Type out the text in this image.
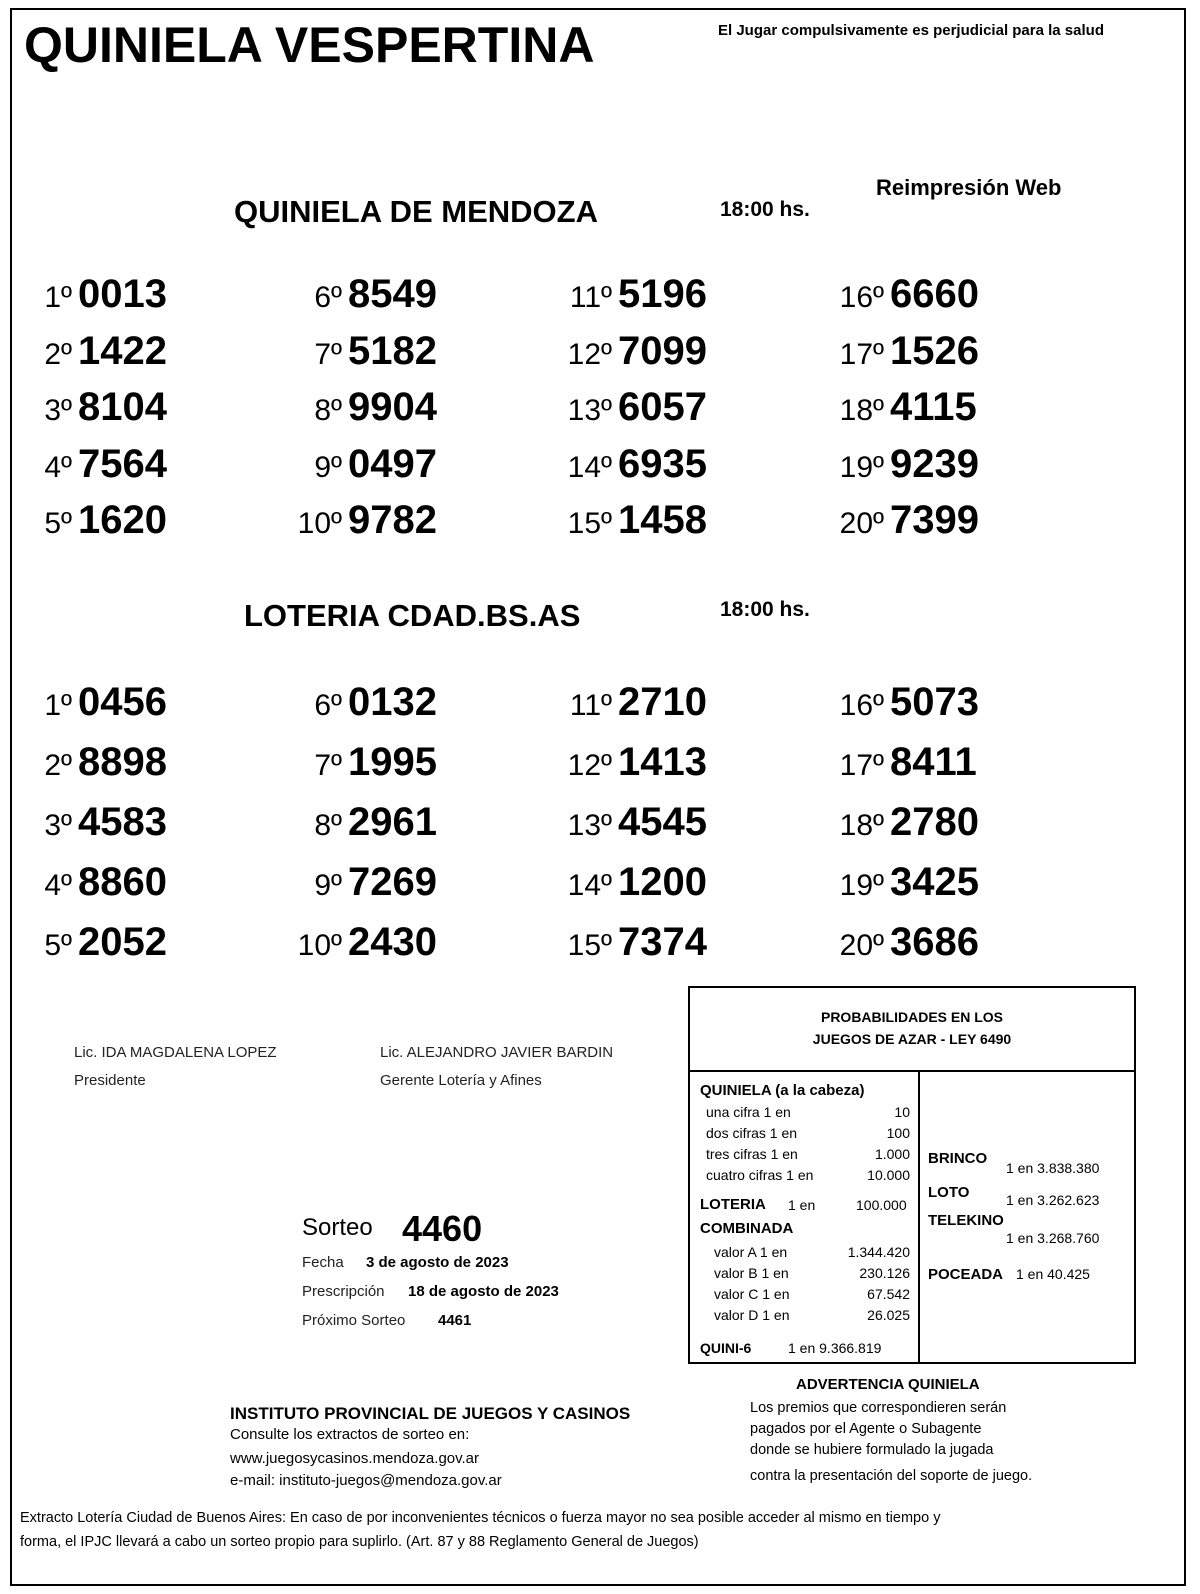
QUINIELA VESPERTINA	El Jugar compulsivamente es perjudicial para la salud
Reimpresión Web
QUINIELA DE MENDOZA	18:00 hs.
1º 0013
2º 1422
3º 8104
4º 7564
5º 1620
6º 8549
7º 5182
8º 9904
9º 0497
10º 9782
11º 5196
12º 7099
13º 6057
14º 6935
15º 1458
16º 6660
17º 1526
18º 4115
19º 9239
20º 7399
LOTERIA CDAD.BS.AS	18:00 hs.
1º 0456
2º 8898
3º 4583
4º 8860
5º 2052
6º 0132
7º 1995
8º 2961
9º 7269
10º 2430
11º 2710
12º 1413
13º 4545
14º 1200
15º 7374
16º 5073
17º 8411
18º 2780
19º 3425
20º 3686
Lic. IDA MAGDALENA LOPEZ
Presidente
Lic. ALEJANDRO JAVIER BARDIN
Gerente Lotería y Afines
Sorteo 4460
Fecha 3 de agosto de 2023
Prescripción 18 de agosto de 2023
Próximo Sorteo 4461
PROBABILIDADES EN LOS
JUEGOS DE AZAR - LEY 6490
QUINIELA (a la cabeza)
una cifra 1 en	10
dos cifras 1 en	100
tres cifras 1 en	1.000
cuatro cifras 1 en	10.000
LOTERIA 1 en	100.000
COMBINADA
valor A 1 en	1.344.420
valor B 1 en	230.126
valor C 1 en	67.542
valor D 1 en	26.025
QUINI-6	1 en 9.366.819
BRINCO
1 en 3.838.380
LOTO	1 en 3.262.623
TELEKINO
1 en 3.268.760
POCEADA 1 en 40.425
ADVERTENCIA QUINIELA
Los premios que correspondieren serán
pagados por el Agente o Subagente
donde se hubiere formulado la jugada
contra la presentación del soporte de juego.
INSTITUTO PROVINCIAL DE JUEGOS Y CASINOS
Consulte los extractos de sorteo en:
www.juegosycasinos.mendoza.gov.ar
e-mail: instituto-juegos@mendoza.gov.ar
Extracto Lotería Ciudad de Buenos Aires: En caso de por inconvenientes técnicos o fuerza mayor no sea posible acceder al mismo en tiempo y
forma, el IPJC llevará a cabo un sorteo propio para suplirlo. (Art. 87 y 88 Reglamento General de Juegos)
